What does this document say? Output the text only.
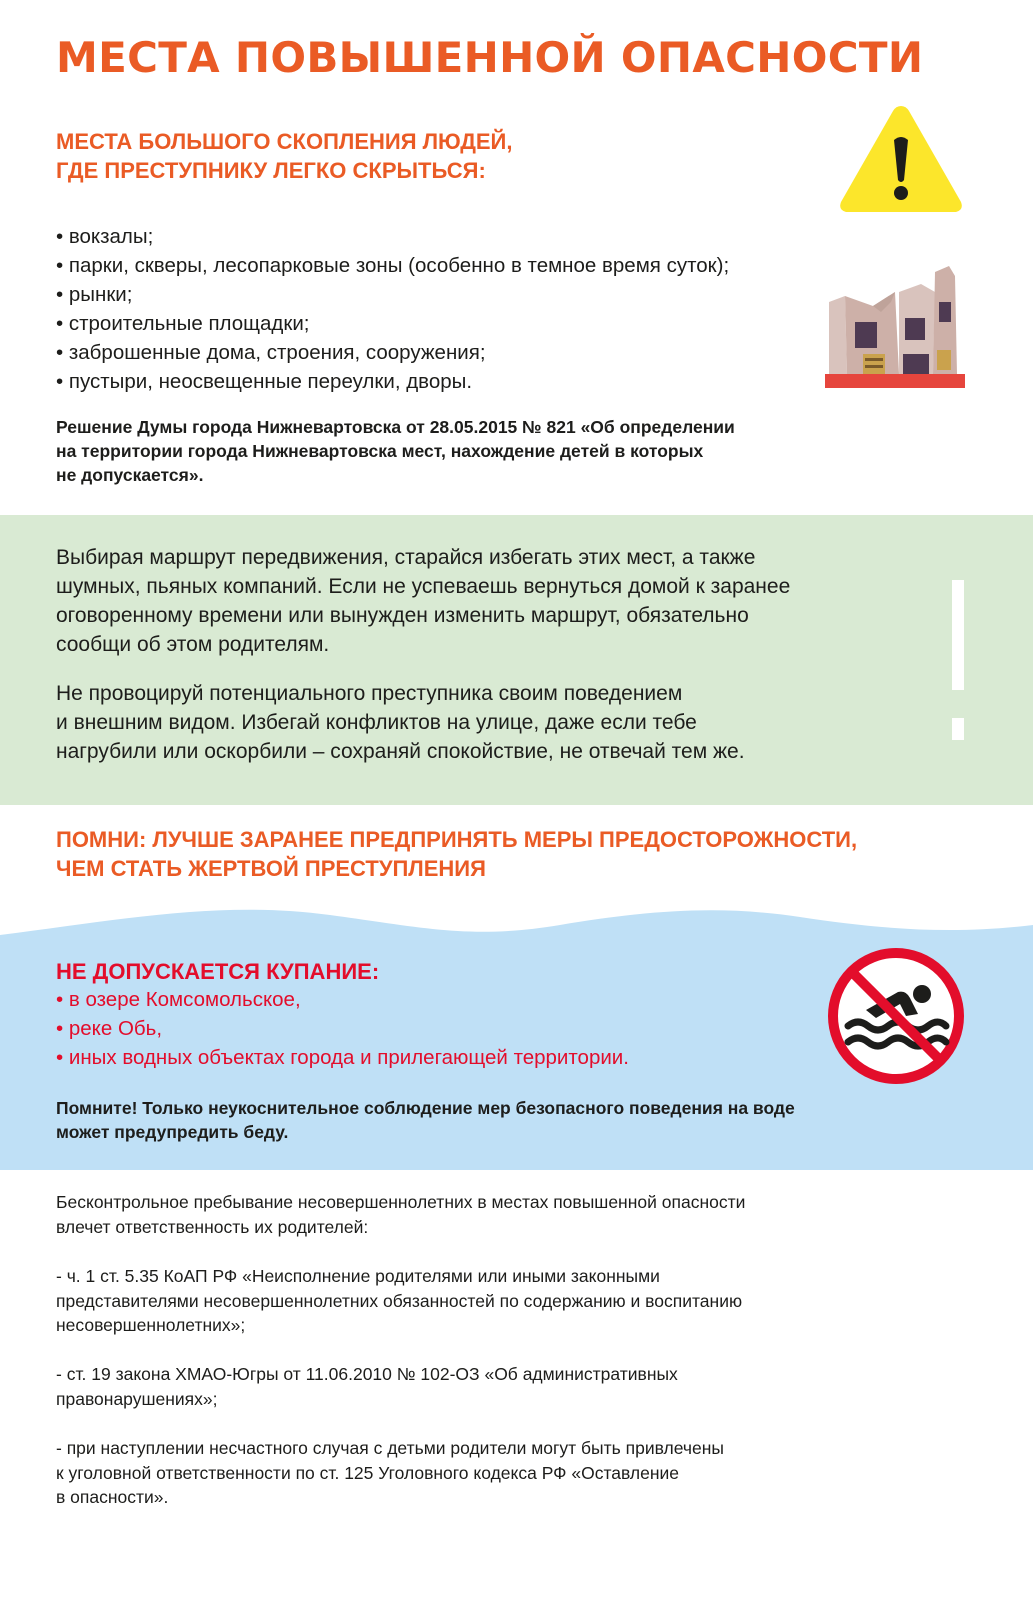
МЕСТА ПОВЫШЕННОЙ ОПАСНОСТИ
МЕСТА БОЛЬШОГО СКОПЛЕНИЯ ЛЮДЕЙ,
ГДЕ ПРЕСТУПНИКУ ЛЕГКО СКРЫТЬСЯ:
• вокзалы;
• парки, скверы, лесопарковые зоны (особенно в темное время суток);
• рынки;
• строительные площадки;
• заброшенные дома, строения, сооружения;
• пустыри, неосвещенные переулки, дворы.
Решение Думы города Нижневартовска от 28.05.2015 № 821 «Об определении
на территории города Нижневартовска мест, нахождение детей в которых
не допускается».
Выбирая маршрут передвижения, старайся избегать этих мест, а также
шумных, пьяных компаний. Если не успеваешь вернуться домой к заранее
оговоренному времени или вынужден изменить маршрут, обязательно
сообщи об этом родителям.
Не провоцируй потенциального преступника своим поведением
и внешним видом. Избегай конфликтов на улице, даже если тебе
нагрубили или оскорбили – сохраняй спокойствие, не отвечай тем же.
ПОМНИ: ЛУЧШЕ ЗАРАНЕЕ ПРЕДПРИНЯТЬ МЕРЫ ПРЕДОСТОРОЖНОСТИ,
ЧЕМ СТАТЬ ЖЕРТВОЙ ПРЕСТУПЛЕНИЯ
НЕ ДОПУСКАЕТСЯ КУПАНИЕ:
• в озере Комсомольское,
• реке Обь,
• иных водных объектах города и прилегающей территории.
Помните! Только неукоснительное соблюдение мер безопасного поведения на воде
может предупредить беду.
Бесконтрольное пребывание несовершеннолетних в местах повышенной опасности
влечет ответственность их родителей:
- ч. 1 ст. 5.35 КоАП РФ «Неисполнение родителями или иными законными
представителями несовершеннолетних обязанностей по содержанию и воспитанию
несовершеннолетних»;
- ст. 19 закона ХМАО-Югры от 11.06.2010 № 102-ОЗ «Об административных
правонарушениях»;
- при наступлении несчастного случая с детьми родители могут быть привлечены
к уголовной ответственности по ст. 125 Уголовного кодекса РФ «Оставление
в опасности».
